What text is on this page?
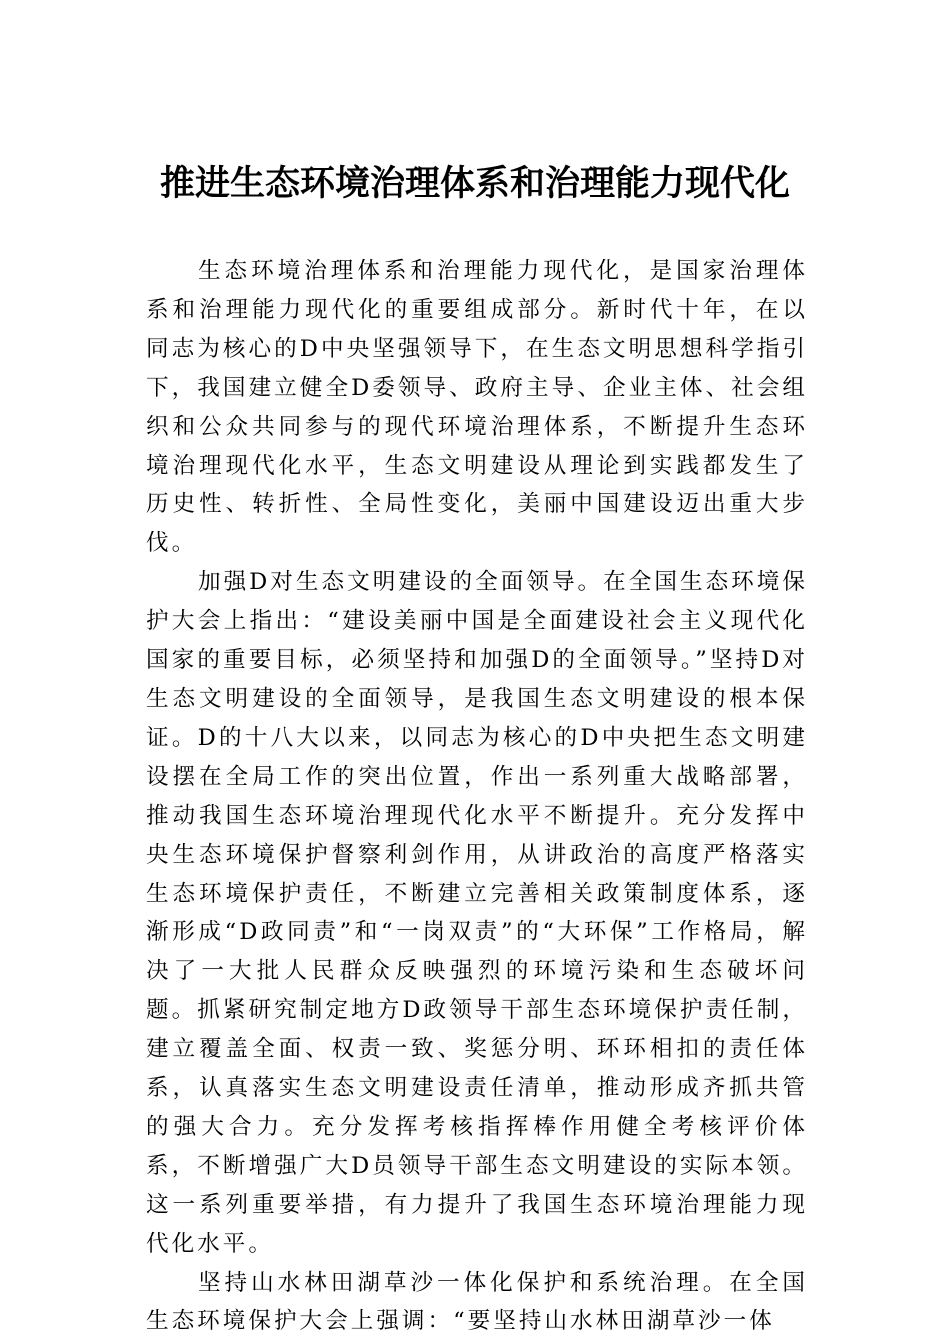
推进生态环境治理体系和治理能力现代化

生态环境治理体系和治理能力现代化，是国家治理体系和治理能力现代化的重要组成部分。新时代十年，在以同志为核心的D中央坚强领导下，在生态文明思想科学指引下，我国建立健全D委领导、政府主导、企业主体、社会组织和公众共同参与的现代环境治理体系，不断提升生态环境治理现代化水平，生态文明建设从理论到实践都发生了历史性、转折性、全局性变化，美丽中国建设迈出重大步伐。

加强D对生态文明建设的全面领导。在全国生态环境保护大会上指出：“建设美丽中国是全面建设社会主义现代化国家的重要目标，必须坚持和加强D的全面领导。”坚持D对生态文明建设的全面领导，是我国生态文明建设的根本保证。D的十八大以来，以同志为核心的D中央把生态文明建设摆在全局工作的突出位置，作出一系列重大战略部署，推动我国生态环境治理现代化水平不断提升。充分发挥中央生态环境保护督察利剑作用，从讲政治的高度严格落实生态环境保护责任，不断建立完善相关政策制度体系，逐渐形成“D政同责”和“一岗双责”的“大环保”工作格局，解决了一大批人民群众反映强烈的环境污染和生态破坏问题。抓紧研究制定地方D政领导干部生态环境保护责任制，建立覆盖全面、权责一致、奖惩分明、环环相扣的责任体系，认真落实生态文明建设责任清单，推动形成齐抓共管的强大合力。充分发挥考核指挥棒作用健全考核评价体系，不断增强广大D员领导干部生态文明建设的实际本领。这一系列重要举措，有力提升了我国生态环境治理能力现代化水平。

坚持山水林田湖草沙一体化保护和系统治理。在全国生态环境保护大会上强调：“要坚持山水林田湖草沙一体
